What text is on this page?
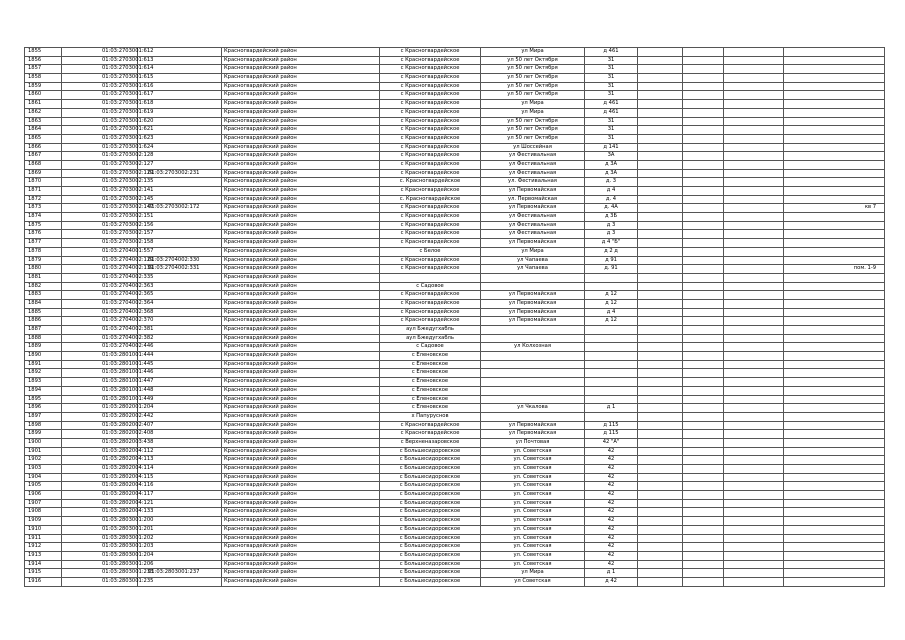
1855	01:03:2703001:612		Красногвардейский район	с Красногвардейское	ул Мира	д 461				
1856	01:03:2703001:613		Красногвардейский район	с Красногвардейское	ул 50 лет Октября	31				
1857	01:03:2703001:614		Красногвардейский район	с Красногвардейское	ул 50 лет Октября	31				
1858	01:03:2703001:615		Красногвардейский район	с Красногвардейское	ул 50 лет Октября	31				
1859	01:03:2703001:616		Красногвардейский район	с Красногвардейское	ул 50 лет Октября	31				
1860	01:03:2703001:617		Красногвардейский район	с Красногвардейское	ул 50 лет Октября	31				
1861	01:03:2703001:618		Красногвардейский район	с Красногвардейское	ул Мира	д 461				
1862	01:03:2703001:619		Красногвардейский район	с Красногвардейское	ул Мира	д 461				
1863	01:03:2703001:620		Красногвардейский район	с Красногвардейское	ул 50 лет Октября	31				
1864	01:03:2703001:621		Красногвардейский район	с Красногвардейское	ул 50 лет Октября	31				
1865	01:03:2703001:623		Красногвардейский район	с Красногвардейское	ул 50 лет Октября	31				
1866	01:03:2703001:624		Красногвардейский район	с Красногвардейское	ул Шоссейная	д 141				
1867	01:03:2703002:128		Красногвардейский район	с Красногвардейское	ул Фестивальная	3А				
1868	01:03:2703002:127		Красногвардейский район	с Красногвардейское	ул Фестивальная	д 3А				
1869	01:03:2703002:129	01:03:2703002:231	Красногвардейский район	с Красногвардейское	ул Фестивальная	д 3А				
1870	01:03:2703002:135		Красногвардейский район	с. Красногвардейское	ул. Фестивальная	д. 3				
1871	01:03:2703002:141		Красногвардейский район	с Красногвардейское	ул Первомайская	д 4				
1872	01:03:2703002:145		Красногвардейский район	с. Красногвардейское	ул. Первомайская	д. 4				
1873	01:03:2703002:147	01:03:2703002:172	Красногвардейский район	с Красногвардейское	ул Первомайская	д. 4А				кв 7
1874	01:03:2703002:151		Красногвардейский район	с Красногвардейское	ул Фестивальная	д 3Б				
1875	01:03:2703002:156		Красногвардейский район	с Красногвардейское	ул Фестивальная	д 3				
1876	01:03:2703002:157		Красногвардейский район	с Красногвардейское	ул Фестивальная	д 3				
1877	01:03:2703002:158		Красногвардейский район	с Красногвардейское	ул Первомайская	д 4 "Б"				
1878	01:03:2704001:557		Красногвардейский район	с Белое	ул Мира	д 2 д				
1879	01:03:2704002:129	01:03:2704002:330	Красногвардейский район	с Красногвардейское	ул Чапаева	д 91				
1880	01:03:2704002:139	01:03:2704002:331	Красногвардейский район	с Красногвардейское	ул Чапаева	д. 91				пом. 1-9
1881	01:03:2704002:335		Красногвардейский район							
1882	01:03:2704002:363		Красногвардейский район	с Садовое						
1883	01:03:2704002:365		Красногвардейский район	с Красногвардейское	ул Первомайская	д 12				
1884	01:03:2704002:364		Красногвардейский район	с Красногвардейское	ул Первомайская	д 12				
1885	01:03:2704002:368		Красногвардейский район	с Красногвардейское	ул Первомайская	д 4				
1886	01:03:2704002:370		Красногвардейский район	с Красногвардейское	ул Первомайская	д 12				
1887	01:03:2704002:381		Красногвардейский район	аул Бжедугхабль						
1888	01:03:2704002:382		Красногвардейский район	аул Бжедугхабль						
1889	01:03:2704002:446		Красногвардейский район	с Садовое	ул Колхозная					
1890	01:03:2801001:444		Красногвардейский район	с Еленовское						
1891	01:03:2801001:445		Красногвардейский район	с Еленовское						
1892	01:03:2801001:446		Красногвардейский район	с Еленовское						
1893	01:03:2801001:447		Красногвардейский район	с Еленовское						
1894	01:03:2801001:448		Красногвардейский район	с Еленовское						
1895	01:03:2801001:449		Красногвардейский район	с Еленовское						
1896	01:03:2802001:204		Красногвардейский район	с Еленовское	ул Чкалова	д 1				
1897	01:03:2802002:442		Красногвардейский район	х Папуруснов						
1898	01:03:2802002:407		Красногвардейский район	с Красногвардейское	ул Первомайская	д 115				
1899	01:03:2802002:408		Красногвардейский район	с Красногвардейское	ул Первомайская	д 115				
1900	01:03:2802003:438		Красногвардейский район	с Верхненазаровское	ул Почтовая	42 "А"				
1901	01:03:2802004:112		Красногвардейский район	с Большесидоровское	ул. Советская	42				
1902	01:03:2802004:113		Красногвардейский район	с Большесидоровское	ул. Советская	42				
1903	01:03:2802004:114		Красногвардейский район	с Большесидоровское	ул. Советская	42				
1904	01:03:2802004:115		Красногвардейский район	с Большесидоровское	ул. Советская	42				
1905	01:03:2802004:116		Красногвардейский район	с Большесидоровское	ул. Советская	42				
1906	01:03:2802004:117		Красногвардейский район	с Большесидоровское	ул. Советская	42				
1907	01:03:2802004:121		Красногвардейский район	с Большесидоровское	ул. Советская	42				
1908	01:03:2802004:133		Красногвардейский район	с Большесидоровское	ул. Советская	42				
1909	01:03:2803001:200		Красногвардейский район	с Большесидоровское	ул. Советская	42				
1910	01:03:2803001:201		Красногвардейский район	с Большесидоровское	ул. Советская	42				
1911	01:03:2803001:202		Красногвардейский район	с Большесидоровское	ул. Советская	42				
1912	01:03:2803001:203		Красногвардейский район	с Большесидоровское	ул. Советская	42				
1913	01:03:2803001:204		Красногвардейский район	с Большесидоровское	ул. Советская	42				
1914	01:03:2803001:206		Красногвардейский район	с Большесидоровское	ул. Советская	42				
1915	01:03:2803001:233	01:03:2803001:237	Красногвардейский район	с Большесидоровское	ул Мира	д 1				
1916	01:03:2803001:235		Красногвардейский район	с Большесидоровское	ул Советская	д 42				
